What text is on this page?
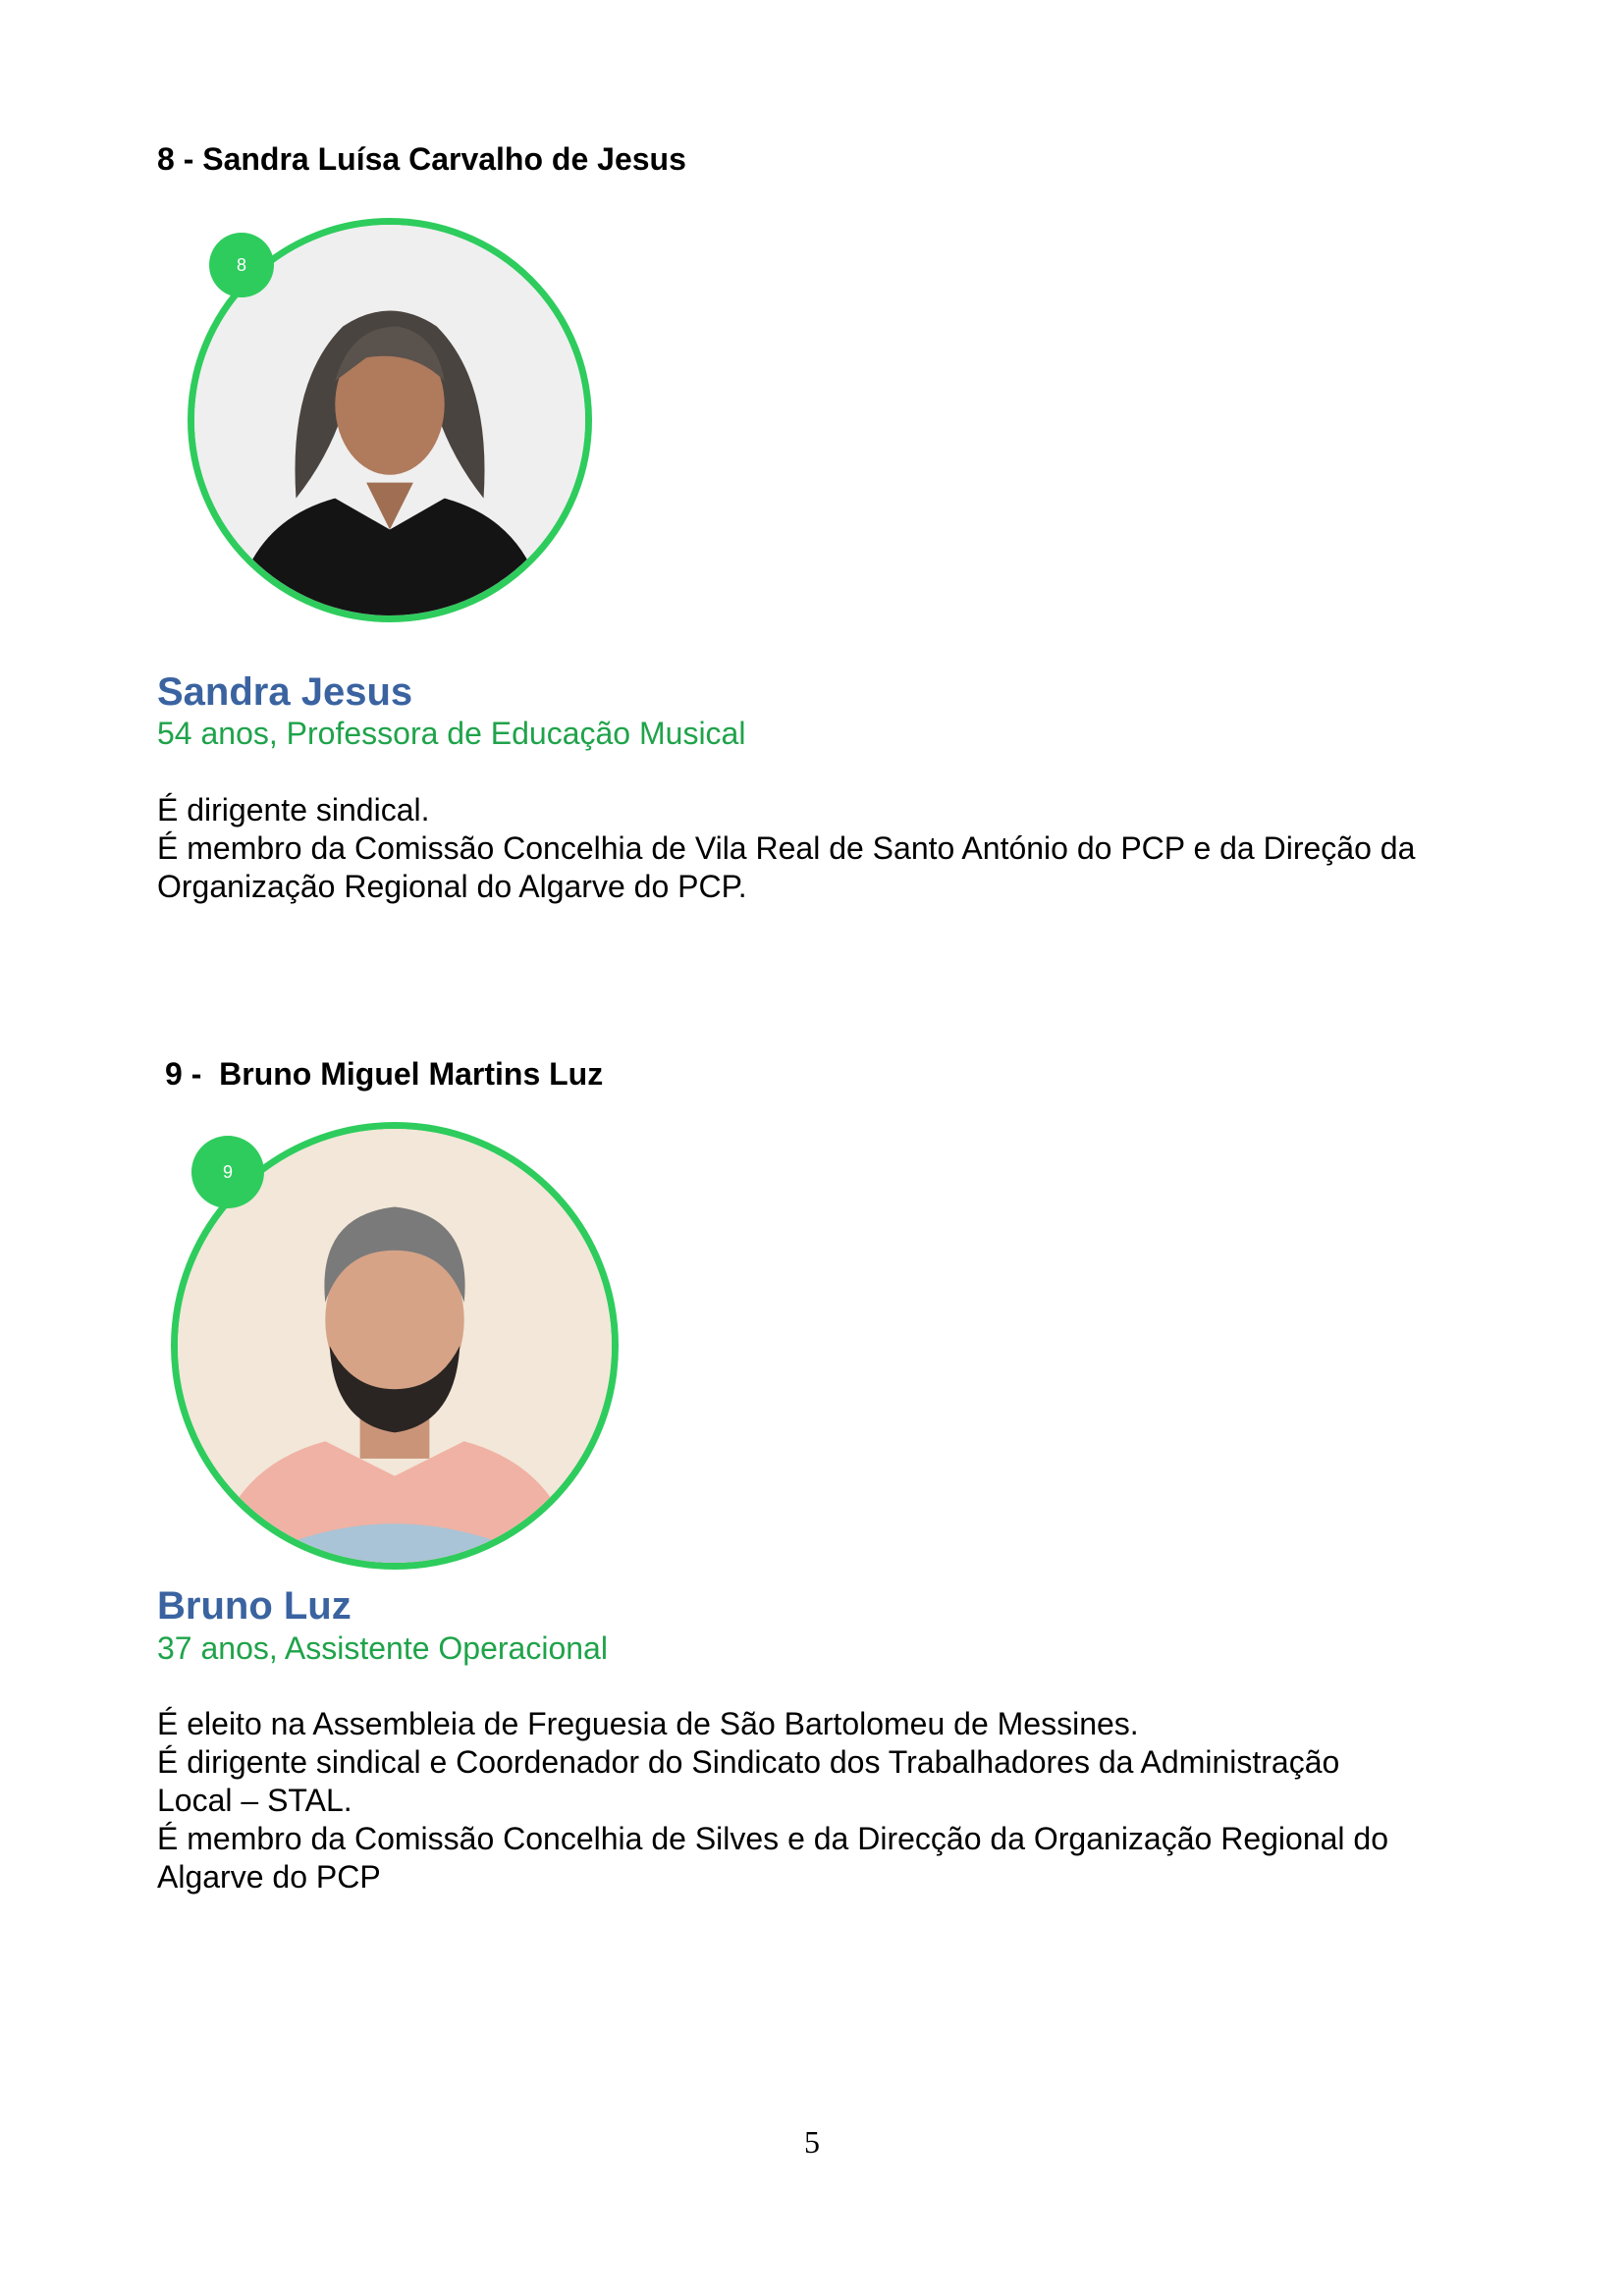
8 - Sandra Luísa Carvalho de Jesus
8
Sandra Jesus
54 anos, Professora de Educação Musical
É dirigente sindical.
É membro da Comissão Concelhia de Vila Real de Santo António do PCP e da Direção da
Organização Regional do Algarve do PCP.
9 -  Bruno Miguel Martins Luz
9
Bruno Luz
37 anos, Assistente Operacional
É eleito na Assembleia de Freguesia de São Bartolomeu de Messines.
É dirigente sindical e Coordenador do Sindicato dos Trabalhadores da Administração
Local – STAL.
É membro da Comissão Concelhia de Silves e da Direcção da Organização Regional do
Algarve do PCP
5
